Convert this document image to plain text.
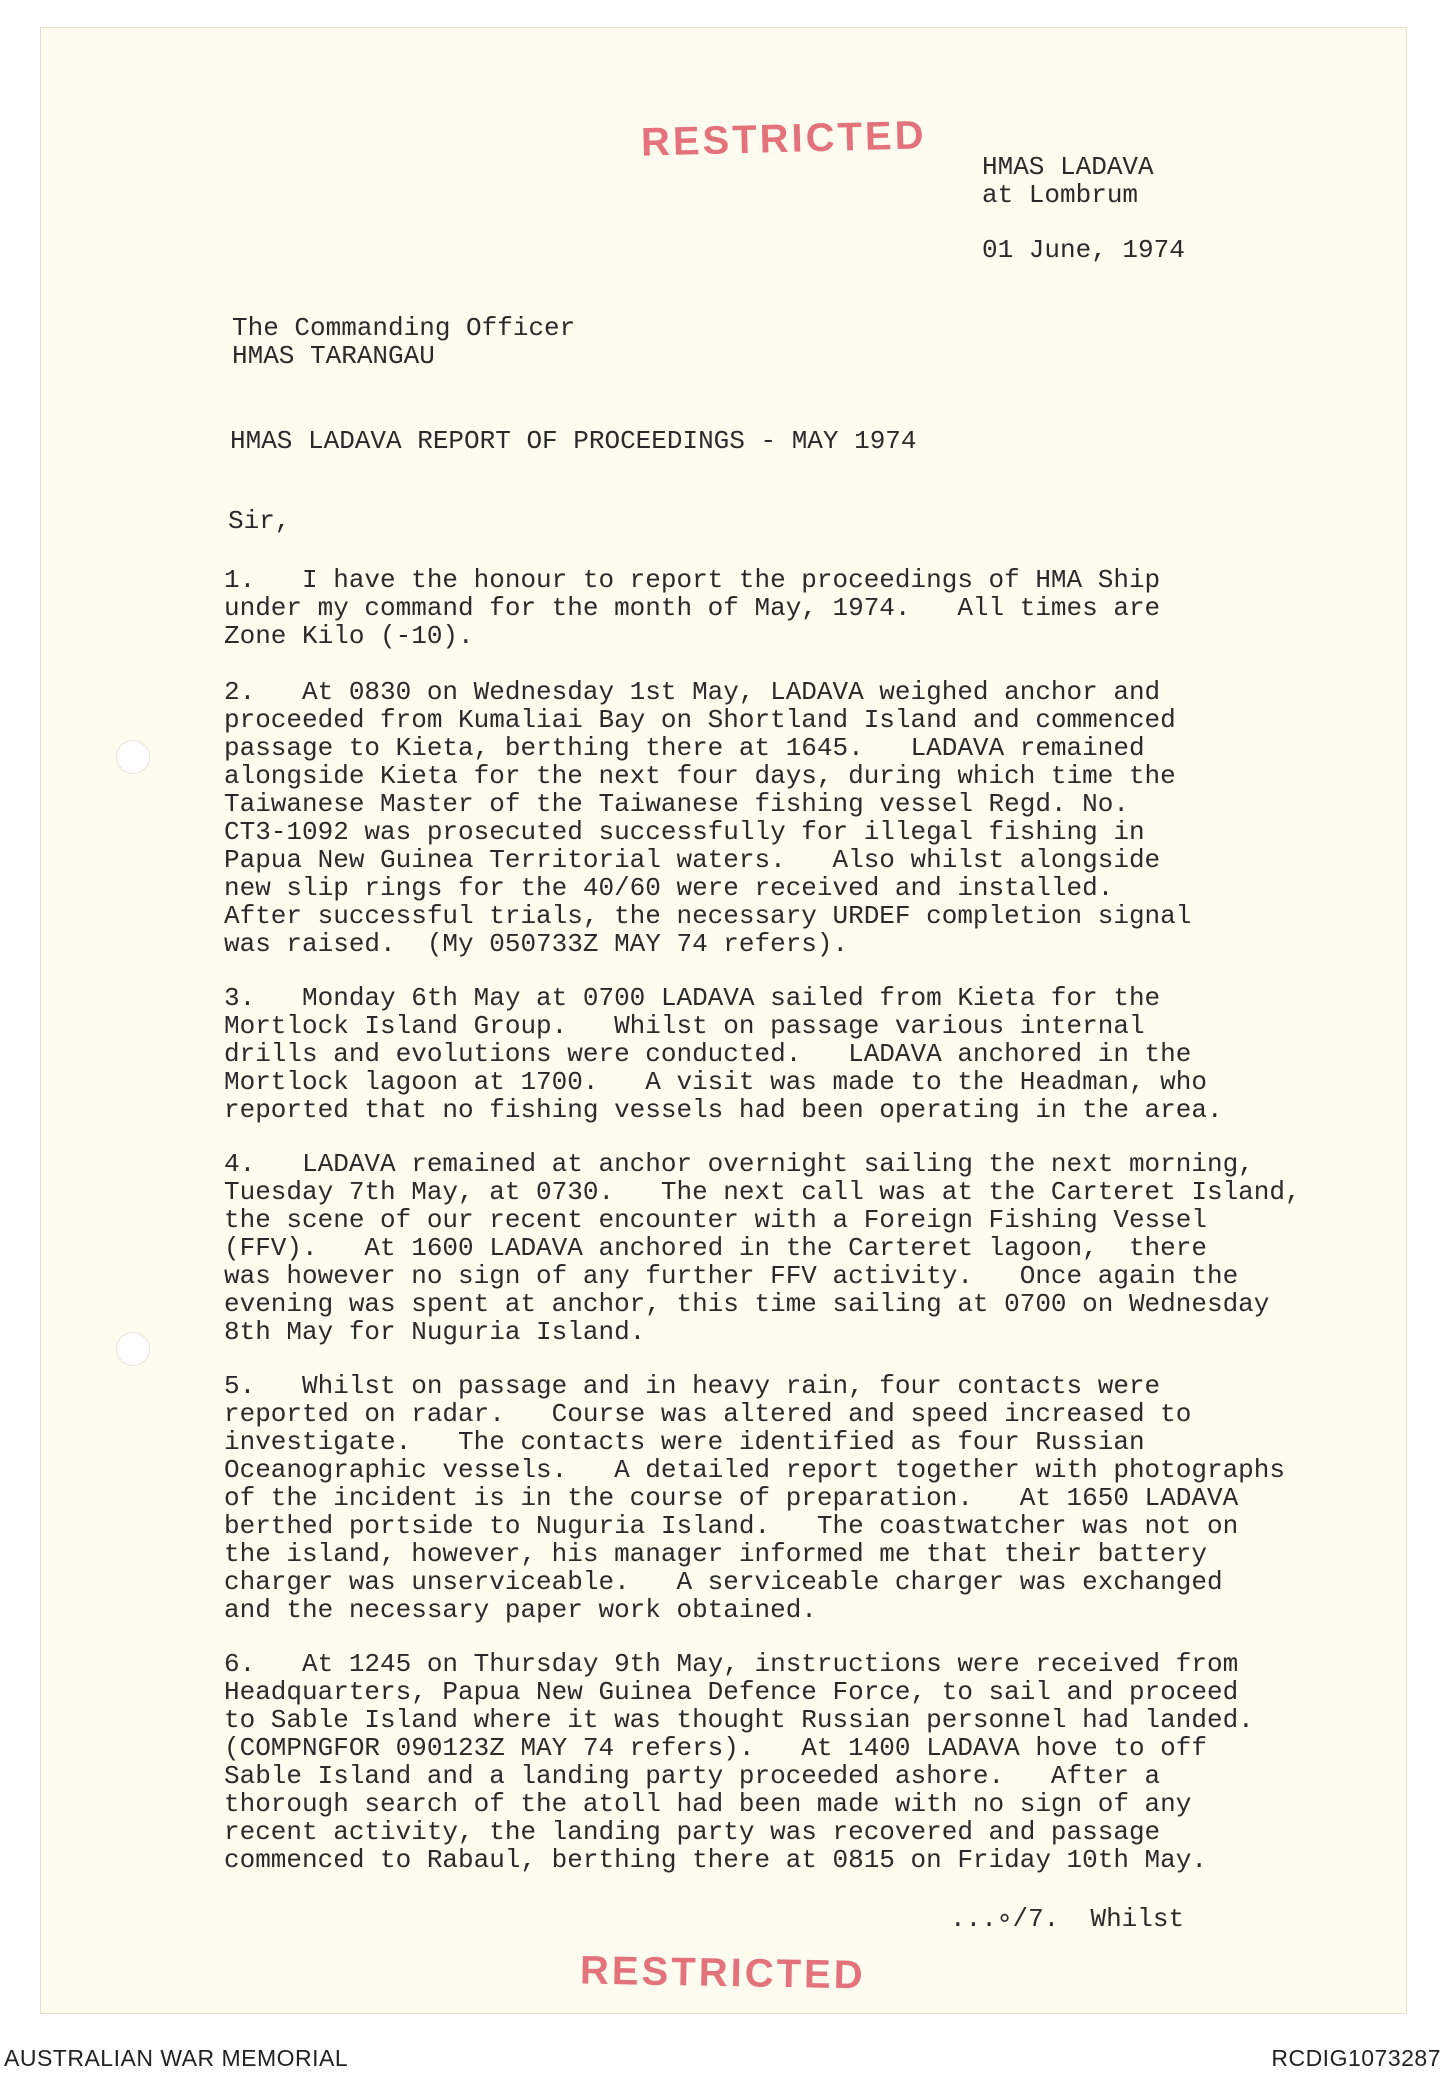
RESTRICTED
HMAS LADAVA
at Lombrum
01 June, 1974
The Commanding Officer
HMAS TARANGAU
HMAS LADAVA REPORT OF PROCEEDINGS - MAY 1974
Sir,
1.   I have the honour to report the proceedings of HMA Ship
under my command for the month of May, 1974.   All times are
Zone Kilo (-10).
2.   At 0830 on Wednesday 1st May, LADAVA weighed anchor and
proceeded from Kumaliai Bay on Shortland Island and commenced
passage to Kieta, berthing there at 1645.   LADAVA remained
alongside Kieta for the next four days, during which time the
Taiwanese Master of the Taiwanese fishing vessel Regd. No.
CT3-1092 was prosecuted successfully for illegal fishing in
Papua New Guinea Territorial waters.   Also whilst alongside
new slip rings for the 40/60 were received and installed.
After successful trials, the necessary URDEF completion signal
was raised.  (My 050733Z MAY 74 refers).
3.   Monday 6th May at 0700 LADAVA sailed from Kieta for the
Mortlock Island Group.   Whilst on passage various internal
drills and evolutions were conducted.   LADAVA anchored in the
Mortlock lagoon at 1700.   A visit was made to the Headman, who
reported that no fishing vessels had been operating in the area.
4.   LADAVA remained at anchor overnight sailing the next morning,
Tuesday 7th May, at 0730.   The next call was at the Carteret Island,
the scene of our recent encounter with a Foreign Fishing Vessel
(FFV).   At 1600 LADAVA anchored in the Carteret lagoon,  there
was however no sign of any further FFV activity.   Once again the
evening was spent at anchor, this time sailing at 0700 on Wednesday
8th May for Nuguria Island.
5.   Whilst on passage and in heavy rain, four contacts were
reported on radar.   Course was altered and speed increased to
investigate.   The contacts were identified as four Russian
Oceanographic vessels.   A detailed report together with photographs
of the incident is in the course of preparation.   At 1650 LADAVA
berthed portside to Nuguria Island.   The coastwatcher was not on
the island, however, his manager informed me that their battery
charger was unserviceable.   A serviceable charger was exchanged
and the necessary paper work obtained.
6.   At 1245 on Thursday 9th May, instructions were received from
Headquarters, Papua New Guinea Defence Force, to sail and proceed
to Sable Island where it was thought Russian personnel had landed.
(COMPNGFOR 090123Z MAY 74 refers).   At 1400 LADAVA hove to off
Sable Island and a landing party proceeded ashore.   After a
thorough search of the atoll had been made with no sign of any
recent activity, the landing party was recovered and passage
commenced to Rabaul, berthing there at 0815 on Friday 10th May.
...∘/7.  Whilst
RESTRICTED
AUSTRALIAN WAR MEMORIAL	RCDIG1073287
